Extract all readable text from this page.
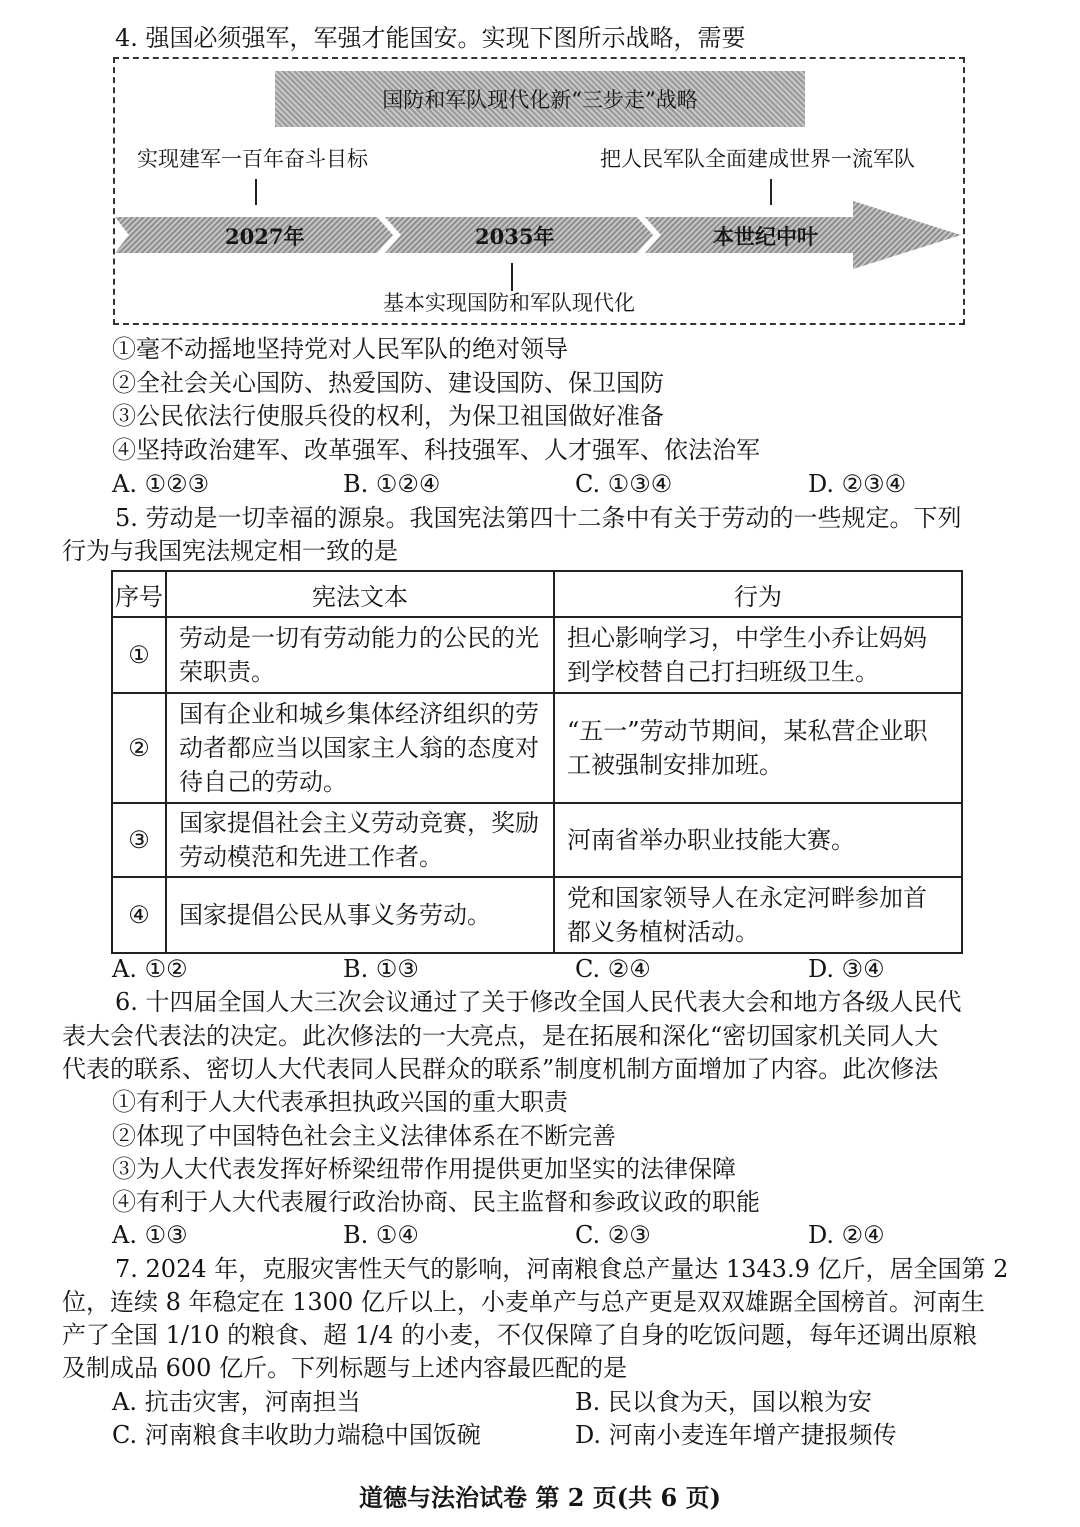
4. 强国必须强军，军强才能国安。实现下图所示战略，需要
国防和军队现代化新“三步走”战略
实现建军一百年奋斗目标	把人民军队全面建成世界一流军队
2027年	2035年	本世纪中叶
基本实现国防和军队现代化
①毫不动摇地坚持党对人民军队的绝对领导
②全社会关心国防、热爱国防、建设国防、保卫国防
③公民依法行使服兵役的权利，为保卫祖国做好准备
④坚持政治建军、改革强军、科技强军、人才强军、依法治军
A. ①②③	B. ①②④	C. ①③④	D. ②③④
5. 劳动是一切幸福的源泉。我国宪法第四十二条中有关于劳动的一些规定。下列
行为与我国宪法规定相一致的是
序号	宪法文本	行为
①	劳动是一切有劳动能力的公民的光荣职责。	担心影响学习，中学生小乔让妈妈到学校替自己打扫班级卫生。
②	国有企业和城乡集体经济组织的劳动者都应当以国家主人翁的态度对待自己的劳动。	“五一”劳动节期间，某私营企业职工被强制安排加班。
③	国家提倡社会主义劳动竞赛，奖励劳动模范和先进工作者。	河南省举办职业技能大赛。
④	国家提倡公民从事义务劳动。	党和国家领导人在永定河畔参加首都义务植树活动。
A. ①②	B. ①③	C. ②④	D. ③④
6. 十四届全国人大三次会议通过了关于修改全国人民代表大会和地方各级人民代
表大会代表法的决定。此次修法的一大亮点，是在拓展和深化“密切国家机关同人大
代表的联系、密切人大代表同人民群众的联系”制度机制方面增加了内容。此次修法
①有利于人大代表承担执政兴国的重大职责
②体现了中国特色社会主义法律体系在不断完善
③为人大代表发挥好桥梁纽带作用提供更加坚实的法律保障
④有利于人大代表履行政治协商、民主监督和参政议政的职能
A. ①③	B. ①④	C. ②③	D. ②④
7. 2024 年，克服灾害性天气的影响，河南粮食总产量达 1343.9 亿斤，居全国第 2
位，连续 8 年稳定在 1300 亿斤以上，小麦单产与总产更是双双雄踞全国榜首。河南生
产了全国 1/10 的粮食、超 1/4 的小麦，不仅保障了自身的吃饭问题，每年还调出原粮
及制成品 600 亿斤。下列标题与上述内容最匹配的是
A. 抗击灾害，河南担当	B. 民以食为天，国以粮为安
C. 河南粮食丰收助力端稳中国饭碗	D. 河南小麦连年增产捷报频传
道德与法治试卷 第 2 页(共 6 页)
